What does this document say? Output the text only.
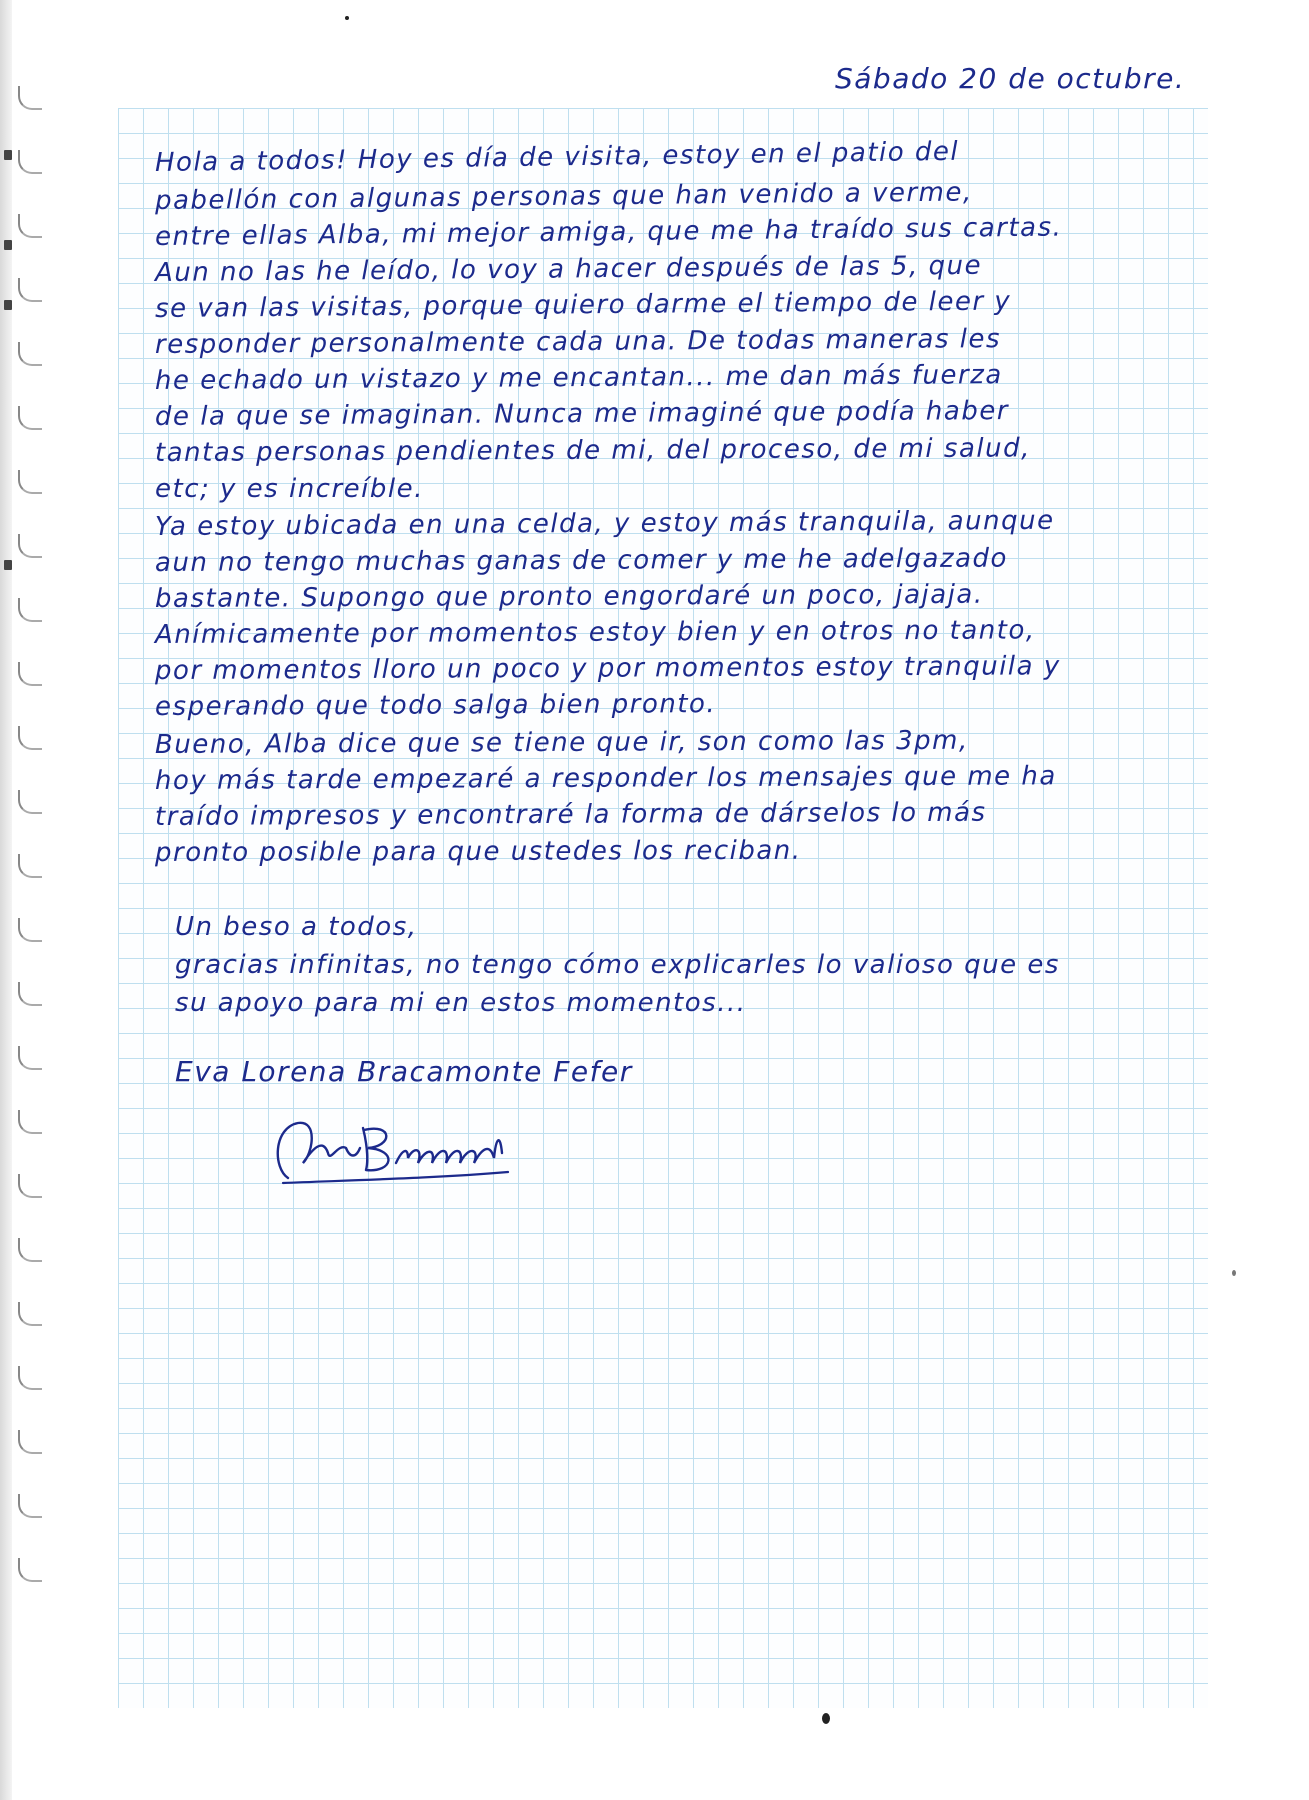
Sábado 20 de octubre.
Hola a todos! Hoy es día de visita, estoy en el patio del
pabellón con algunas personas que han venido a verme,
entre ellas Alba, mi mejor amiga, que me ha traído sus cartas.
Aun no las he leído, lo voy a hacer después de las 5, que
se van las visitas, porque quiero darme el tiempo de leer y
responder personalmente cada una. De todas maneras les
he echado un vistazo y me encantan... me dan más fuerza
de la que se imaginan. Nunca me imaginé que podía haber
tantas personas pendientes de mi, del proceso, de mi salud,
etc; y es increíble.
Ya estoy ubicada en una celda, y estoy más tranquila, aunque
aun no tengo muchas ganas de comer y me he adelgazado
bastante. Supongo que pronto engordaré un poco, jajaja.
Anímicamente por momentos estoy bien y en otros no tanto,
por momentos lloro un poco y por momentos estoy tranquila y
esperando que todo salga bien pronto.
Bueno, Alba dice que se tiene que ir, son como las 3pm,
hoy más tarde empezaré a responder los mensajes que me ha
traído impresos y encontraré la forma de dárselos lo más
pronto posible para que ustedes los reciban.
Un beso a todos,
gracias infinitas, no tengo cómo explicarles lo valioso que es
su apoyo para mi en estos momentos...
Eva Lorena Bracamonte Fefer
